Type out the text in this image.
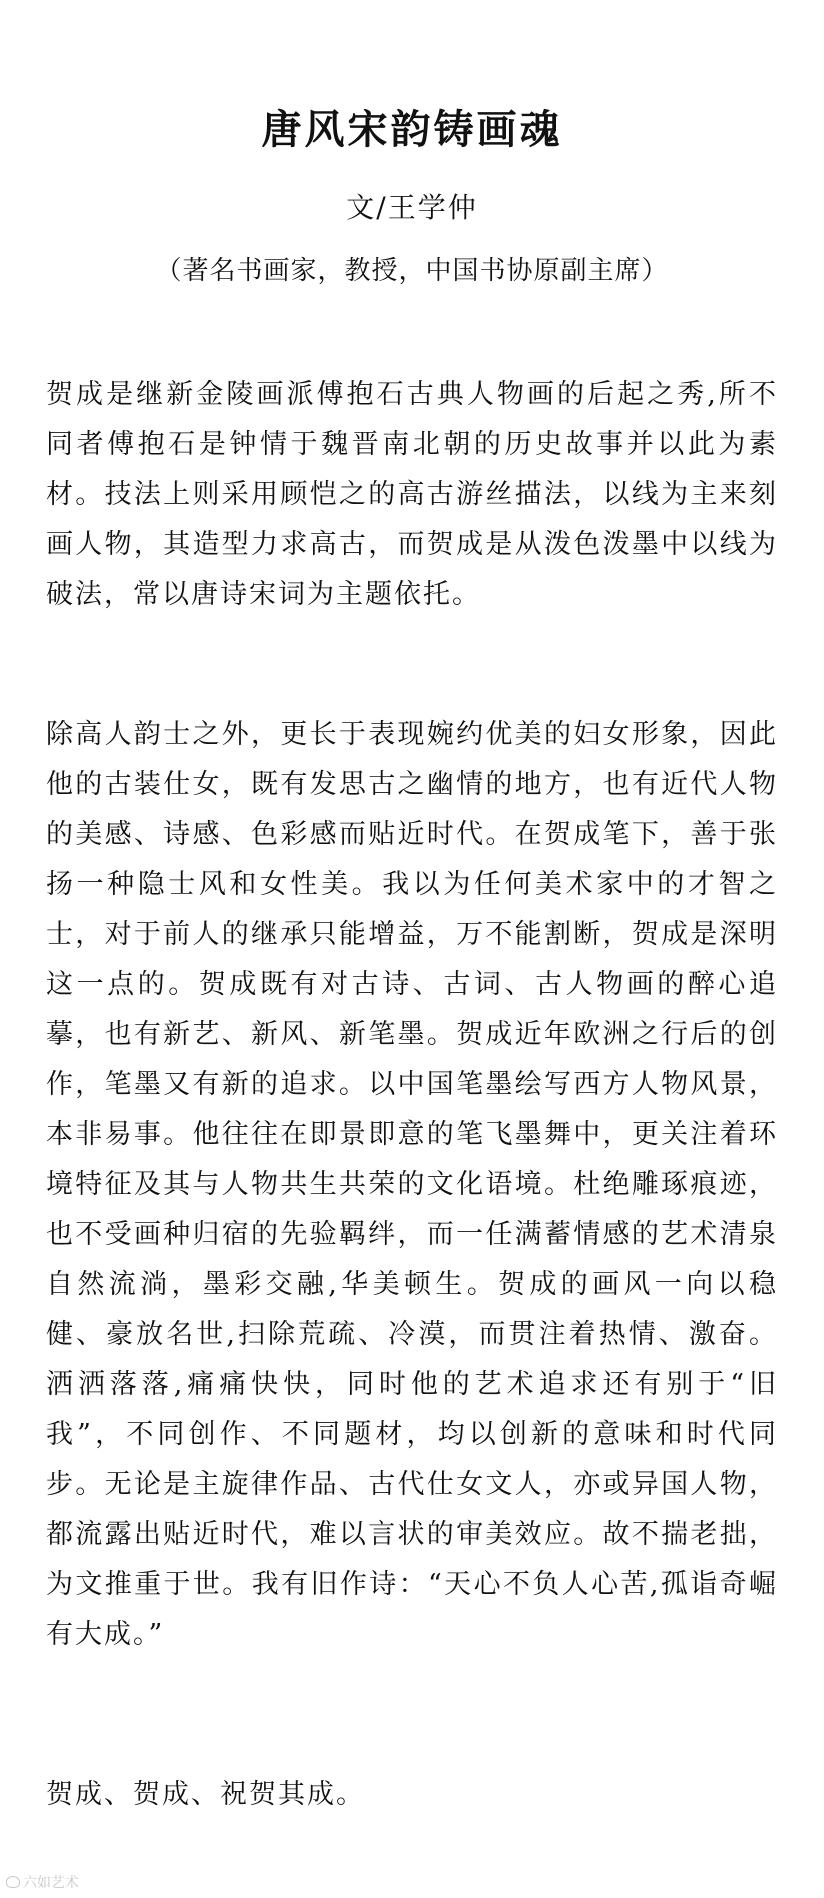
唐风宋韵铸画魂
文/王学仲
（著名书画家，教授，中国书协原副主席）

贺成是继新金陵画派傅抱石古典人物画的后起之秀,所不同者傅抱石是钟情于魏晋南北朝的历史故事并以此为素材。技法上则采用顾恺之的高古游丝描法，以线为主来刻画人物，其造型力求高古，而贺成是从泼色泼墨中以线为破法，常以唐诗宋词为主题依托。

除高人韵士之外，更长于表现婉约优美的妇女形象，因此他的古装仕女，既有发思古之幽情的地方，也有近代人物的美感、诗感、色彩感而贴近时代。在贺成笔下，善于张扬一种隐士风和女性美。我以为任何美术家中的才智之士，对于前人的继承只能增益，万不能割断，贺成是深明这一点的。贺成既有对古诗、古词、古人物画的醉心追摹，也有新艺、新风、新笔墨。贺成近年欧洲之行后的创作，笔墨又有新的追求。以中国笔墨绘写西方人物风景，本非易事。他往往在即景即意的笔飞墨舞中，更关注着环境特征及其与人物共生共荣的文化语境。杜绝雕琢痕迹，也不受画种归宿的先验羁绊，而一任满蓄情感的艺术清泉自然流淌，墨彩交融,华美顿生。贺成的画风一向以稳健、豪放名世,扫除荒疏、冷漠，而贯注着热情、激奋。洒洒落落,痛痛快快，同时他的艺术追求还有别于“旧我”，不同创作、不同题材，均以创新的意味和时代同步。无论是主旋律作品、古代仕女文人，亦或异国人物，都流露出贴近时代，难以言状的审美效应。故不揣老拙，为文推重于世。我有旧作诗：“天心不负人心苦,孤诣奇崛有大成。”

贺成、贺成、祝贺其成。

六如艺术
